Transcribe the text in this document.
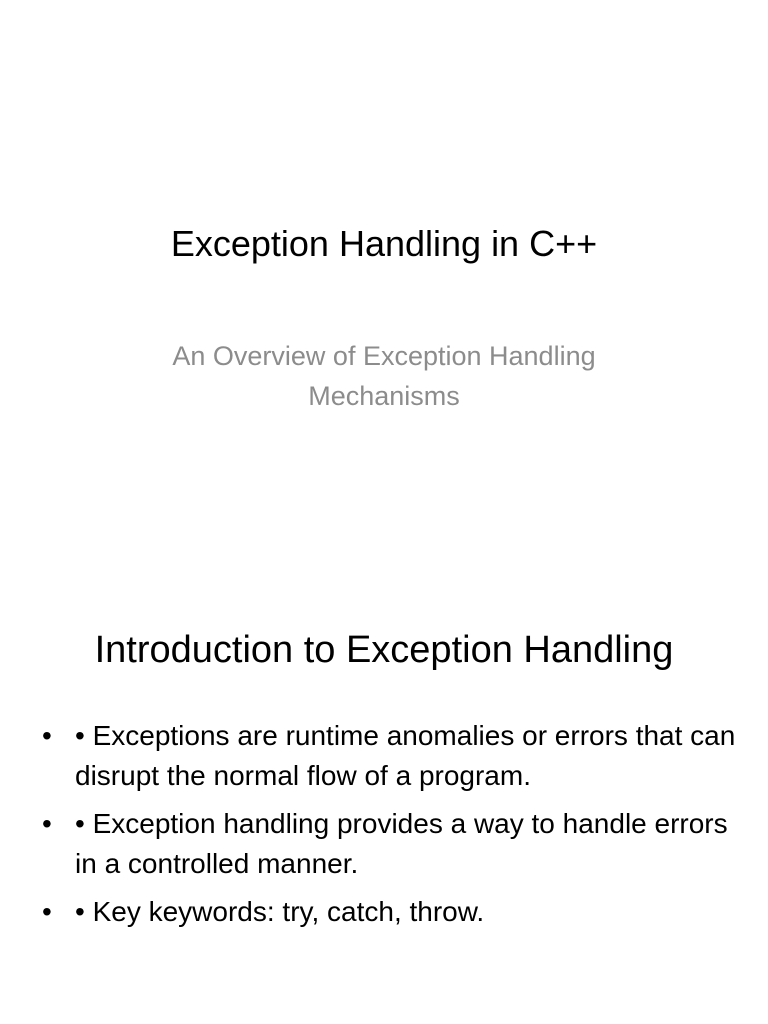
Exception Handling in C++

An Overview of Exception Handling Mechanisms

Introduction to Exception Handling
• • Exceptions are runtime anomalies or errors that can disrupt the normal flow of a program.
• • Exception handling provides a way to handle errors in a controlled manner.
• • Key keywords: try, catch, throw.
